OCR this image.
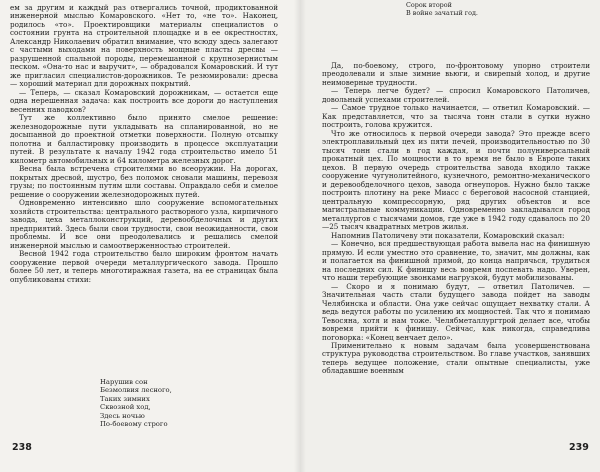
ем за другим и каждый раз отвергались точной, продиктованной инженерной мыслью Комаровского. «Нет то, «не то». Наконец, родилось «то». Проектировщики материалы специалистов о состоянии грунта на строительной площадке и в ее окрестностях, Александр Николаевич обратил внимание, что всюду здесь залегают с частыми выходами на поверхность мощные пласты дресвы — разрушенной спальной породы, перемешанной с крупнозернистым песком. «Она-то нас и выручит», — обрадовался Комаровский. И тут же пригласил специалистов-дорожников. Те резюмировали: дресва — хороший материал для дорожных покрытий.

— Теперь, — сказал Комаровский дорожникам, — остается еще одна нерешенная задача: как построить все дороги до наступления весенних паводков?

Тут же коллективно было принято смелое решение: железнодорожные пути укладывать на спланированной, но не досыпанной до проектной отметки поверхности. Полную отсыпку полотна и балластировку производить в процессе эксплуатации путей. В результате к началу 1942 года строительство имело 51 километр автомобильных и 64 километра железных дорог.

Весна была встречена строителями во всеоружии. На дорогах, покрытых дресвой, шустро, без поломок сновали машины, перевозя грузы; по постоянным путям шли составы. Оправдало себя и смелое решение о сооружении железнодорожных путей.

Одновременно интенсивно шло сооружение вспомогательных хозяйств строительства: центрального растворного узла, кирпичного завода, цеха металлоконструкций, деревообделочных и других предприятий. Здесь были свои трудности, свои неожиданности, свои проблемы. И все они преодолевались и решались смелой инженерной мыслью и самоотверженностью строителей.

Весной 1942 года строительство было широким фронтом начать сооружение первой очереди металлургического завода. Прошло более 50 лет, и теперь многотиражная газета, на ее страницах была опубликованы стихи:

Нарушив сон
Безмолвия лесного,
Таких зимних
Сквозной ход,
Здесь ночью
По-боевому строго
238
Сорок второй
В войне зачатый год.

Да, по-боевому, строго, по-фронтовому упорно строители преодолевали и злые зимние вьюги, и свирепый холод, и другие неимоверные трудности.

— Теперь легче будет? — спросил Комаровского Патоличев, довольный успехами строителей.

— Самое трудное только начинается, — ответил Комаровский. — Как представляется, что за тысяча тонн стали в сутки нужно построить, голова кружится.

Что же относилось к первой очереди завода? Это прежде всего электроплавильный цех из пяти печей, производительностью по 30 тысяч тонн стали в год каждая, и почти полуниверсальный прокатный цех. По мощности в то время не было в Европе таких цехов. В первую очередь строительства завода входило также сооружение чугунолитейного, кузнечного, ремонтно-механического и деревообделочного цехов, завода огнеупоров. Нужно было также построить плотину на реке Миасс с береговой насосной станцией, центральную компрессорную, ряд других объектов и все магистральные коммуникации. Одновременно закладывался город металлургов с тысячами домов, где уже в 1942 году сдавалось по 20—25 тысяч квадратных метров жилья.

Напомнив Патоличеву эти показатели, Комаровский сказал:

— Конечно, вся предшествующая работа вывела нас на финишную прямую. И если уместно это сравнение, то, значит, мы должны, как и полагается на финишной прямой, до конца напрячься, трудиться на последних сил. К финишу весь вовремя поспевать надо. Уверен, что наши теребующие звонками нагрузкой, будут мобилизованы.

— Скоро и я понимаю будут, — ответил Патоличев. — Значительная часть стали будущего завода пойдет на заводы Челябинска и области. Она уже сейчас ощущает нехватку стали. А ведь ведутся работы по усилению их мощностей. Так что я понимаю Тевосяна, хотя и нам тоже. Челябметаллургтрой делает все, чтобы вовремя прийти к финишу. Сейчас, как никогда, справедлива поговорка: «Конец венчает дело».

Применительно к новым задачам была усовершенствована структура руководства строительством. Во главе участков, занявших теперь ведущее положение, стали опытные специалисты, уже обладавшие военным

239
